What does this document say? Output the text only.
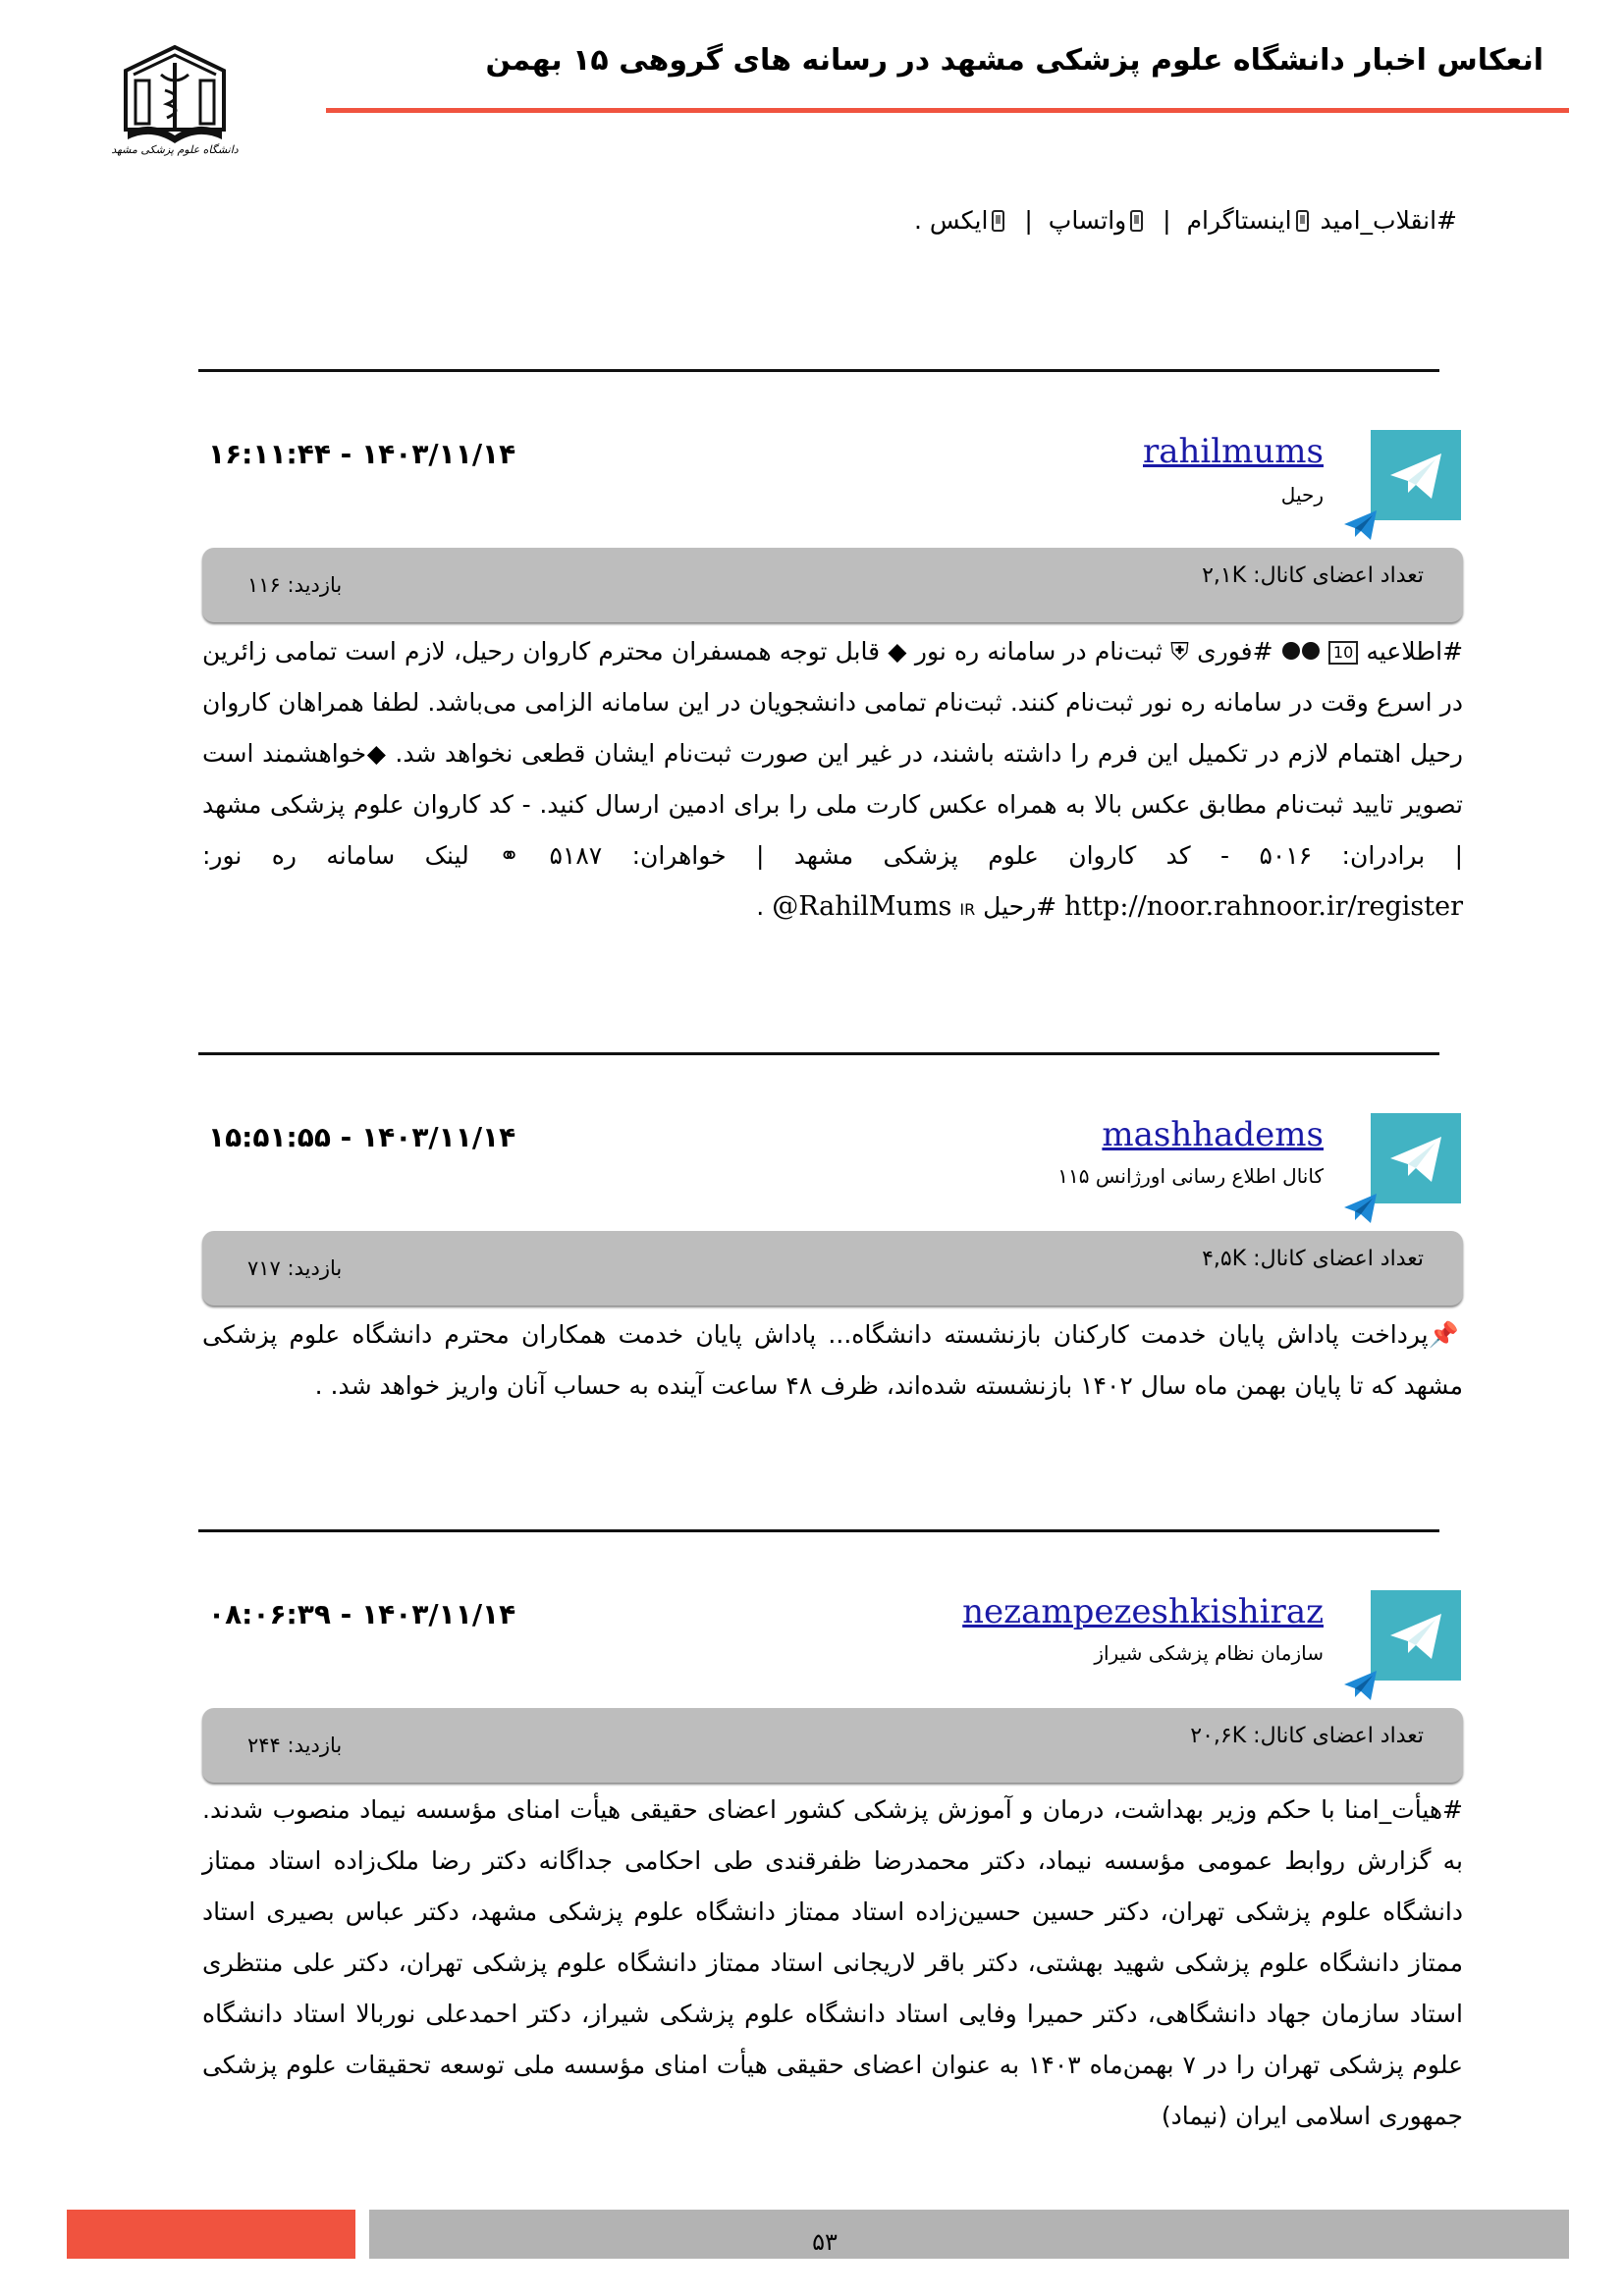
انعکاس اخبار دانشگاه علوم پزشکی مشهد در رسانه های گروهی ۱۵ بهمن
دانشگاه علوم پزشکی مشهد
#انقلاب_امید اینستاگرام | واتساپ | ایکس .
rahilmums
رحیل
۱۴۰۳/۱۱/۱۴ - ۱۶:۱۱:۴۴
تعداد اعضای کانال: ۲,۱K
بازدید: ۱۱۶
#اطلاعیه 10  #فوری ⛨ ثبت‌نام در سامانه ره نور ◆ قابل توجه همسفران محترم کاروان رحیل، لازم است تمامی زائرین در اسرع وقت در سامانه ره نور ثبت‌نام کنند. ثبت‌نام تمامی دانشجویان در این سامانه الزامی می‌باشد. لطفا همراهان کاروان رحیل اهتمام لازم در تکمیل این فرم را داشته باشند، در غیر این صورت ثبت‌نام ایشان قطعی نخواهد شد. ◆خواهشمند است تصویر تایید ثبت‌نام مطابق عکس بالا به همراه عکس کارت ملی را برای ادمین ارسال کنید. - کد کاروان علوم پزشکی مشهد | برادران: ۵۰۱۶ - کد کاروان علوم پزشکی مشهد | خواهران: ۵۱۸۷ ⚭ لینک سامانه ره نور: http://noor.rahnoor.ir/register #رحیل @RahilMums IR .
mashhadems
کانال اطلاع رسانی اورژانس ۱۱۵
۱۴۰۳/۱۱/۱۴ - ۱۵:۵۱:۵۵
تعداد اعضای کانال: ۴,۵K
بازدید: ۷۱۷
📌پرداخت پاداش پایان خدمت کارکنان بازنشسته دانشگاه... پاداش پایان خدمت همکاران محترم دانشگاه علوم پزشکی مشهد که تا پایان بهمن ماه سال ۱۴۰۲ بازنشسته شده‌اند، ظرف ۴۸ ساعت آینده به حساب آنان واریز خواهد شد. .
nezampezeshkishiraz
سازمان نظام پزشکی شیراز
۱۴۰۳/۱۱/۱۴ - ۰۸:۰۶:۳۹
تعداد اعضای کانال: ۲۰,۶K
بازدید: ۲۴۴
#هیأت_امنا با حکم وزیر بهداشت، درمان و آموزش پزشکی کشور اعضای حقیقی هیأت امنای مؤسسه نیماد منصوب شدند. به گزارش روابط عمومی مؤسسه نیماد، دکتر محمدرضا ظفرقندی طی احکامی جداگانه دکتر رضا ملک‌زاده استاد ممتاز دانشگاه علوم پزشکی تهران، دکتر حسین حسین‌زاده استاد ممتاز دانشگاه علوم پزشکی مشهد، دکتر عباس بصیری استاد ممتاز دانشگاه علوم پزشکی شهید بهشتی، دکتر باقر لاریجانی استاد ممتاز دانشگاه علوم پزشکی تهران، دکتر علی منتظری استاد سازمان جهاد دانشگاهی، دکتر حمیرا وفایی استاد دانشگاه علوم پزشکی شیراز، دکتر احمدعلی نوربالا استاد دانشگاه علوم پزشکی تهران را در ۷ بهمن‌ماه ۱۴۰۳ به عنوان اعضای حقیقی هیأت امنای مؤسسه ملی توسعه تحقیقات علوم پزشکی جمهوری اسلامی ایران (نیماد)
۵۳
